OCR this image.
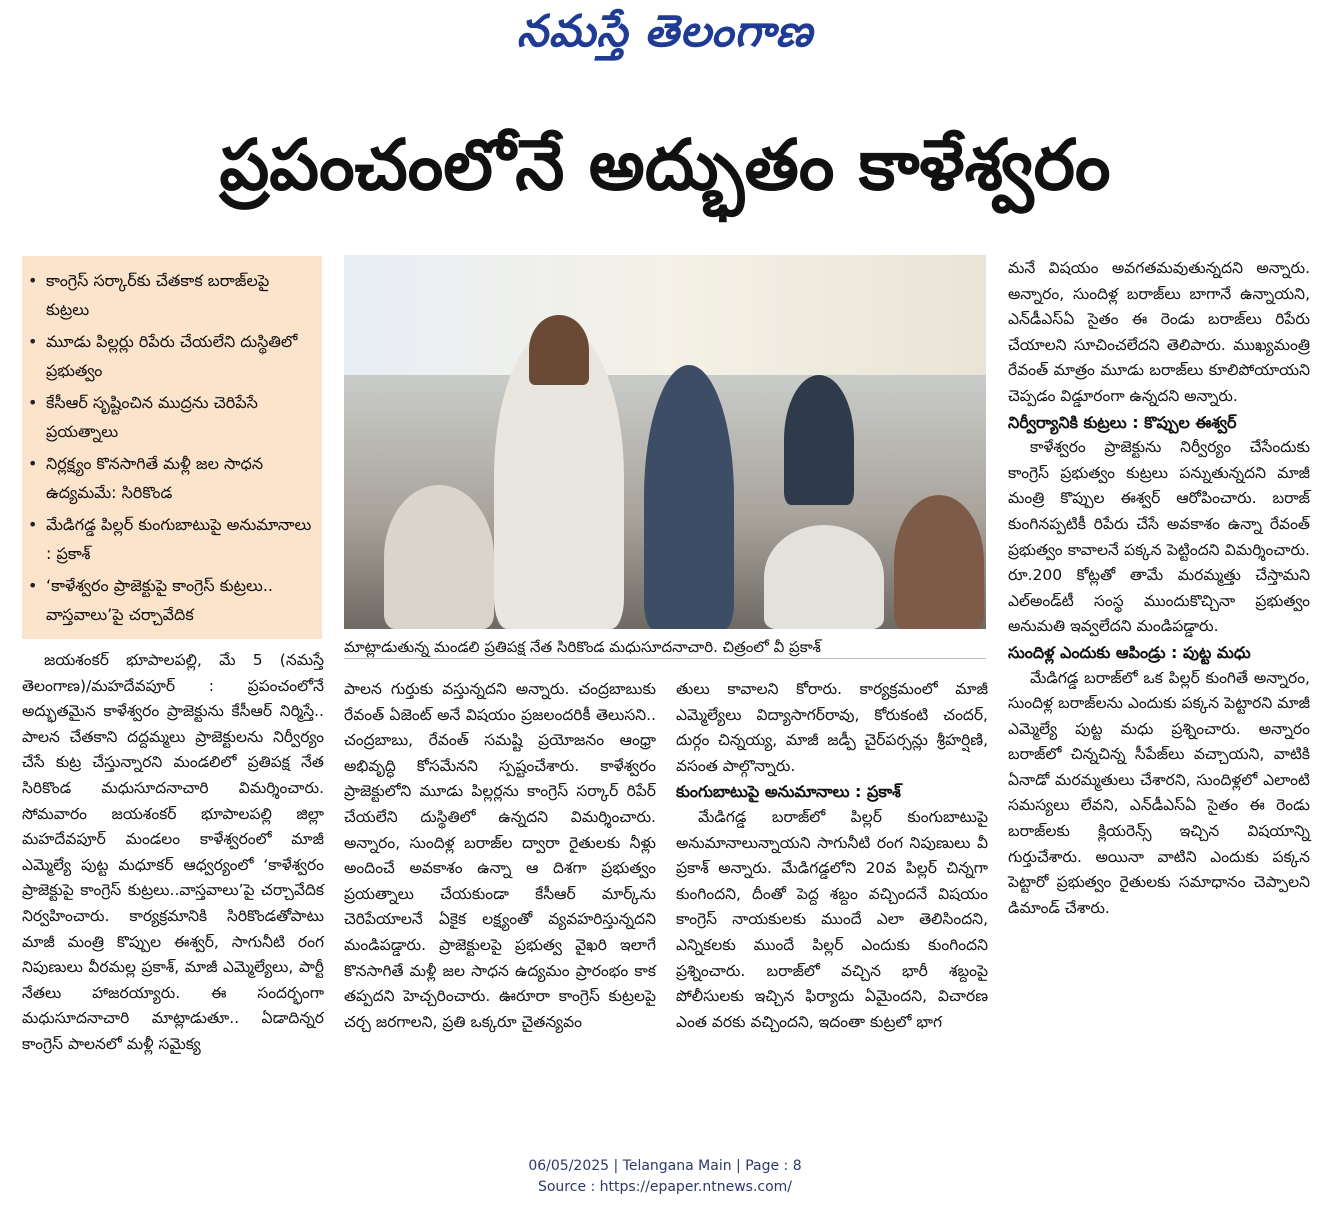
నమస్తే తెలంగాణ
ప్రపంచంలోనే అద్భుతం కాళేశ్వరం
• కాంగ్రెస్ సర్కార్‌కు చేతకాక బరాజ్‌లపై కుట్రలు
• మూడు పిల్లర్లు రిపేరు చేయలేని దుస్థితిలో ప్రభుత్వం
• కేసీఆర్ సృష్టించిన ముద్రను చెరిపేసే ప్రయత్నాలు
• నిర్లక్ష్యం కొనసాగితే మళ్లీ జల సాధన ఉద్యమమే: సిరికొండ
• మేడిగడ్డ పిల్లర్ కుంగుబాటుపై అనుమానాలు : ప్రకాశ్
• ‘కాళేశ్వరం ప్రాజెక్టుపై కాంగ్రెస్ కుట్రలు.. వాస్తవాలు’పై చర్చావేదిక
మాట్లాడుతున్న మండలి ప్రతిపక్ష నేత సిరికొండ మధుసూదనాచారి. చిత్రంలో వీ ప్రకాశ్

జయశంకర్ భూపాలపల్లి, మే 5 (నమస్తే తెలంగాణ)/మహదేవపూర్ : ప్రపంచంలోనే అద్భుతమైన కాళేశ్వరం ప్రాజెక్టును కేసీఆర్ నిర్మిస్తే.. పాలన చేతకాని దద్దమ్మలు ప్రాజెక్టులను నిర్వీర్యం చేసే కుట్ర చేస్తున్నారని మండలిలో ప్రతిపక్ష నేత సిరికొండ మధుసూదనాచారి విమర్శించారు. సోమవారం జయశంకర్ భూపాలపల్లి జిల్లా మహదేవపూర్ మండలం కాళేశ్వరంలో మాజీ ఎమ్మెల్యే పుట్ట మధూకర్ ఆధ్వర్యంలో ‘కాళేశ్వరం ప్రాజెక్టుపై కాంగ్రెస్ కుట్రలు..వాస్తవాలు’పై చర్చావేదిక నిర్వహించారు. కార్యక్రమానికి సిరికొండతోపాటు మాజీ మంత్రి కొప్పుల ఈశ్వర్, సాగునీటి రంగ నిపుణులు వీరమల్ల ప్రకాశ్, మాజీ ఎమ్మెల్యేలు, పార్టీ నేతలు హాజరయ్యారు. ఈ సందర్భంగా మధుసూదనాచారి మాట్లాడుతూ.. ఏడాదిన్నర కాంగ్రెస్ పాలనలో మళ్లీ సమైక్య

పాలన గుర్తుకు వస్తున్నదని అన్నారు. చంద్రబాబుకు రేవంత్ ఏజెంట్ అనే విషయం ప్రజలందరికీ తెలుసని.. చంద్రబాబు, రేవంత్ సమష్టి ప్రయోజనం ఆంధ్రా అభివృద్ధి కోసమేనని స్పష్టంచేశారు. కాళేశ్వరం ప్రాజెక్టులోని మూడు పిల్లర్లను కాంగ్రెస్ సర్కార్ రిపేర్ చేయలేని దుస్థితిలో ఉన్నదని విమర్శించారు. అన్నారం, సుందిళ్ల బరాజ్‌ల ద్వారా రైతులకు నీళ్లు అందించే అవకాశం ఉన్నా ఆ దిశగా ప్రభుత్వం ప్రయత్నాలు చేయకుండా కేసీఆర్ మార్క్‌ను చెరిపేయాలనే ఏకైక లక్ష్యంతో వ్యవహరిస్తున్నదని మండిపడ్డారు. ప్రాజెక్టులపై ప్రభుత్వ వైఖరి ఇలాగే కొనసాగితే మళ్లీ జల సాధన ఉద్యమం ప్రారంభం కాక తప్పదని హెచ్చరించారు. ఊరూరా కాంగ్రెస్ కుట్రలపై చర్చ జరగాలని, ప్రతి ఒక్కరూ చైతన్యవం

తులు కావాలని కోరారు. కార్యక్రమంలో మాజీ ఎమ్మెల్యేలు విద్యాసాగర్‌రావు, కోరుకంటి చందర్, దుర్గం చిన్నయ్య, మాజీ జడ్పీ చైర్‌పర్సన్లు శ్రీహర్షిణి, వసంత పాల్గొన్నారు.

కుంగుబాటుపై అనుమానాలు : ప్రకాశ్

మేడిగడ్డ బరాజ్‌లో పిల్లర్ కుంగుబాటుపై అనుమానాలున్నాయని సాగునీటి రంగ నిపుణులు వీ ప్రకాశ్ అన్నారు. మేడిగడ్డలోని 20వ పిల్లర్ చిన్నగా కుంగిందని, దీంతో పెద్ద శబ్దం వచ్చిందనే విషయం కాంగ్రెస్ నాయకులకు ముందే ఎలా తెలిసిందని, ఎన్నికలకు ముందే పిల్లర్ ఎందుకు కుంగిందని ప్రశ్నించారు. బరాజ్‌లో వచ్చిన భారీ శబ్దంపై పోలీసులకు ఇచ్చిన ఫిర్యాదు ఏమైందని, విచారణ ఎంత వరకు వచ్చిందని, ఇదంతా కుట్రలో భాగ

మనే విషయం అవగతమవుతున్నదని అన్నారు. అన్నారం, సుందిళ్ల బరాజ్‌లు బాగానే ఉన్నాయని, ఎన్‌డీఎస్‌ఏ సైతం ఈ రెండు బరాజ్‌లు రిపేరు చేయాలని సూచించలేదని తెలిపారు. ముఖ్యమంత్రి రేవంత్ మాత్రం మూడు బరాజ్‌లు కూలిపోయాయని చెప్పడం విడ్డూరంగా ఉన్నదని అన్నారు.

నిర్వీర్యానికి కుట్రలు : కొప్పుల ఈశ్వర్

కాళేశ్వరం ప్రాజెక్టును నిర్వీర్యం చేసేందుకు కాంగ్రెస్ ప్రభుత్వం కుట్రలు పన్నుతున్నదని మాజీ మంత్రి కొప్పుల ఈశ్వర్ ఆరోపించారు. బరాజ్ కుంగినప్పటికీ రిపేరు చేసే అవకాశం ఉన్నా రేవంత్ ప్రభుత్వం కావాలనే పక్కన పెట్టిందని విమర్శించారు. రూ.200 కోట్లతో తామే మరమ్మత్తు చేస్తామని ఎల్‌అండ్‌టీ సంస్థ ముందుకొచ్చినా ప్రభుత్వం అనుమతి ఇవ్వలేదని మండిపడ్డారు.

సుందిళ్ల ఎందుకు ఆపిండ్రు : పుట్ట మధు

మేడిగడ్డ బరాజ్‌లో ఒక పిల్లర్ కుంగితే అన్నారం, సుందిళ్ల బరాజ్‌లను ఎందుకు పక్కన పెట్టారని మాజీ ఎమ్మెల్యే పుట్ట మధు ప్రశ్నించారు. అన్నారం బరాజ్‌లో చిన్నచిన్న సీపేజ్‌లు వచ్చాయని, వాటికి ఏనాడో మరమ్మతులు చేశారని, సుందిళ్లలో ఎలాంటి సమస్యలు లేవని, ఎన్‌డీఎస్‌ఏ సైతం ఈ రెండు బరాజ్‌లకు క్లియరెన్స్ ఇచ్చిన విషయాన్ని గుర్తుచేశారు. అయినా వాటిని ఎందుకు పక్కన పెట్టారో ప్రభుత్వం రైతులకు సమాధానం చెప్పాలని డిమాండ్ చేశారు.

06/05/2025 | Telangana Main | Page : 8
Source : https://epaper.ntnews.com/
